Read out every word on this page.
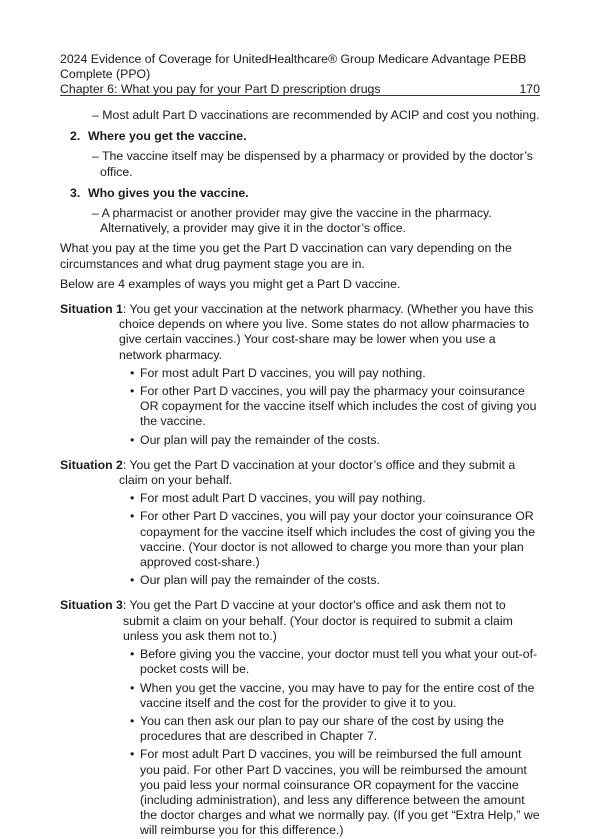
2024 Evidence of Coverage for UnitedHealthcare® Group Medicare Advantage PEBB Complete (PPO)
Chapter 6: What you pay for your Part D prescription drugs	170

– Most adult Part D vaccinations are recommended by ACIP and cost you nothing.

2. Where you get the vaccine.

– The vaccine itself may be dispensed by a pharmacy or provided by the doctor’s office.

3. Who gives you the vaccine.

– A pharmacist or another provider may give the vaccine in the pharmacy. Alternatively, a provider may give it in the doctor’s office.

What you pay at the time you get the Part D vaccination can vary depending on the circumstances and what drug payment stage you are in.

Below are 4 examples of ways you might get a Part D vaccine.

Situation 1: You get your vaccination at the network pharmacy. (Whether you have this choice depends on where you live. Some states do not allow pharmacies to give certain vaccines.) Your cost-share may be lower when you use a network pharmacy.

• For most adult Part D vaccines, you will pay nothing.
• For other Part D vaccines, you will pay the pharmacy your coinsurance OR copayment for the vaccine itself which includes the cost of giving you the vaccine.
• Our plan will pay the remainder of the costs.

Situation 2: You get the Part D vaccination at your doctor’s office and they submit a claim on your behalf.

• For most adult Part D vaccines, you will pay nothing.
• For other Part D vaccines, you will pay your doctor your coinsurance OR copayment for the vaccine itself which includes the cost of giving you the vaccine. (Your doctor is not allowed to charge you more than your plan approved cost-share.)
• Our plan will pay the remainder of the costs.

Situation 3: You get the Part D vaccine at your doctor's office and ask them not to submit a claim on your behalf. (Your doctor is required to submit a claim unless you ask them not to.)

• Before giving you the vaccine, your doctor must tell you what your out-of-pocket costs will be.
• When you get the vaccine, you may have to pay for the entire cost of the vaccine itself and the cost for the provider to give it to you.
• You can then ask our plan to pay our share of the cost by using the procedures that are described in Chapter 7.
• For most adult Part D vaccines, you will be reimbursed the full amount you paid. For other Part D vaccines, you will be reimbursed the amount you paid less your normal coinsurance OR copayment for the vaccine (including administration), and less any difference between the amount the doctor charges and what we normally pay. (If you get “Extra Help,” we will reimburse you for this difference.)
